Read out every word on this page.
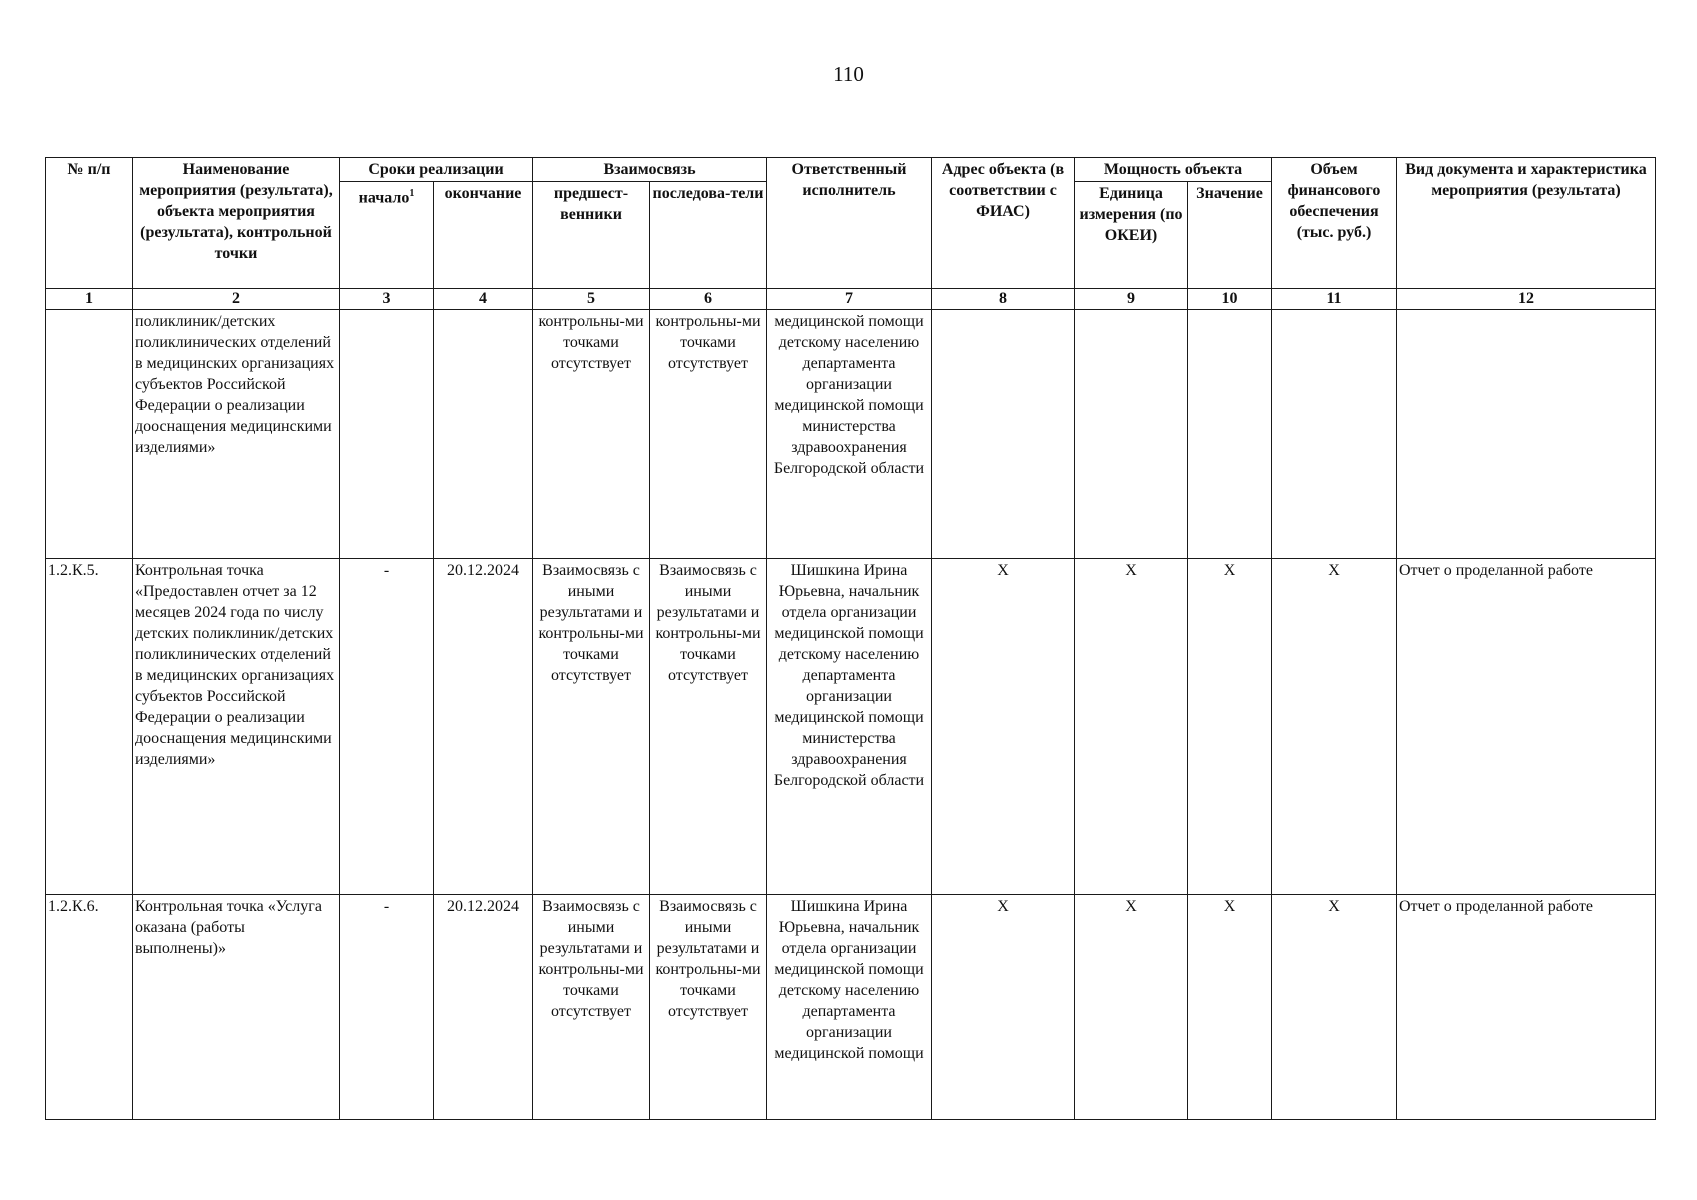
110
№ п/п	Наименование мероприятия (результата), объекта мероприятия (результата), контрольной точки	Сроки реализации		Взаимосвязь		Ответственный исполнитель	Адрес объекта (в соответствии с ФИАС)	Мощность объекта		Объем финансового обеспечения (тыс. руб.)	Вид документа и характеристика мероприятия (результата)
		начало$^1$	окончание	предшест-венники	последова-тели			Единица измерения (по ОКЕИ)	Значение		
1	2	3	4	5	6	7	8	9	10	11	12
	поликлиник/детских поликлинических отделений в медицинских организациях субъектов Российской Федерации о реализации дооснащения медицинскими изделиями»			контрольны-ми точками отсутствует	контрольны-ми точками отсутствует	медицинской помощи детскому населению департамента организации медицинской помощи министерства здравоохранения Белгородской области					
1.2.К.5.	Контрольная точка «Предоставлен отчет за 12 месяцев 2024 года по числу детских поликлиник/детских поликлинических отделений в медицинских организациях субъектов Российской Федерации о реализации дооснащения медицинскими изделиями»	-	20.12.2024	Взаимосвязь с иными результатами и контрольны-ми точками отсутствует	Взаимосвязь с иными результатами и контрольны-ми точками отсутствует	Шишкина Ирина Юрьевна, начальник отдела организации медицинской помощи детскому населению департамента организации медицинской помощи министерства здравоохранения Белгородской области	X	X	X	X	Отчет о проделанной работе
1.2.К.6.	Контрольная точка «Услуга оказана (работы выполнены)»	-	20.12.2024	Взаимосвязь с иными результатами и контрольны-ми точками отсутствует	Взаимосвязь с иными результатами и контрольны-ми точками отсутствует	Шишкина Ирина Юрьевна, начальник отдела организации медицинской помощи детскому населению департамента организации медицинской помощи	X	X	X	X	Отчет о проделанной работе
